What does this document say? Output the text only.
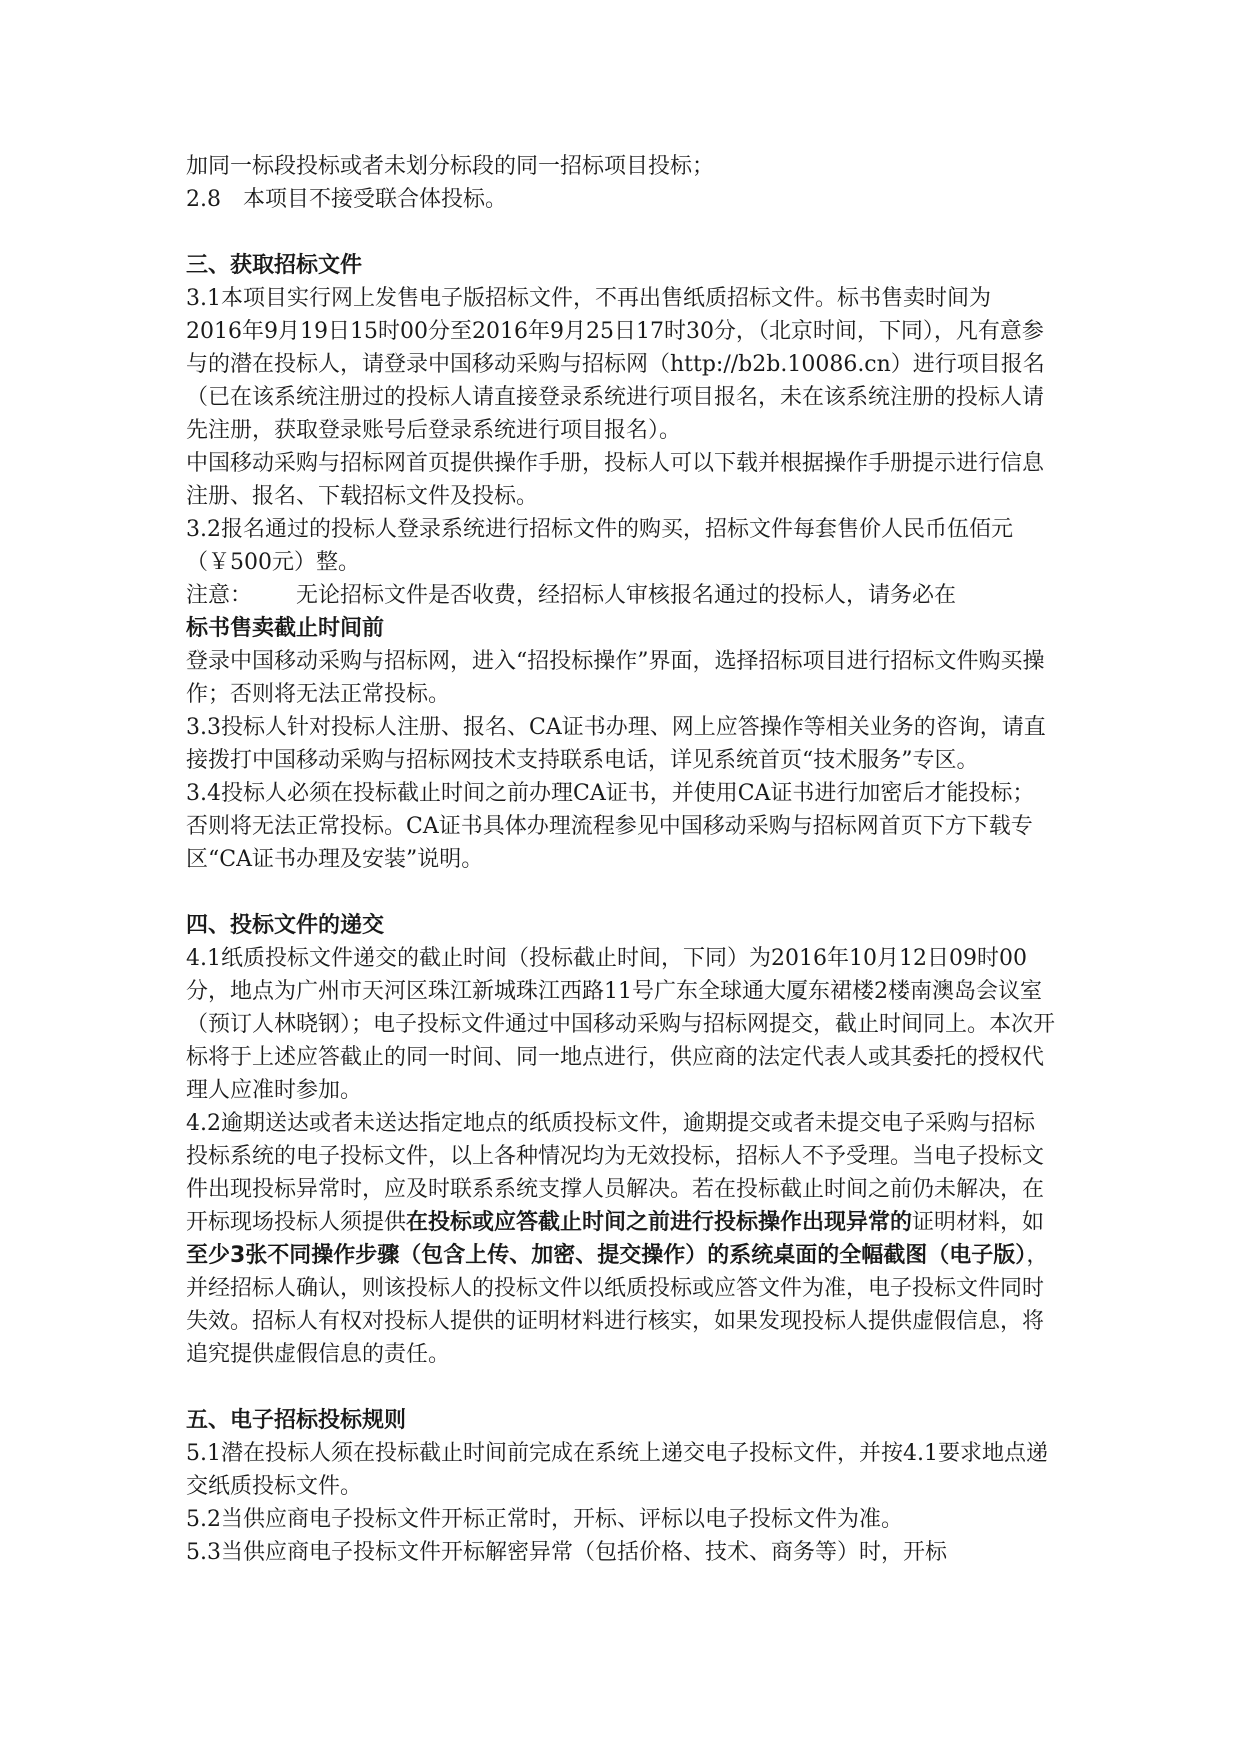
加同一标段投标或者未划分标段的同一招标项目投标；

2.8 本项目不接受联合体投标。

三、获取招标文件

3.1本项目实行网上发售电子版招标文件，不再出售纸质招标文件。标书售卖时间为

2016年9月19日15时00分至2016年9月25日17时30分，（北京时间，下同），凡有意参与的潜在投标人，请登录中国移动采购与招标网（http://b2b.10086.cn）进行项目报名（已在该系统注册过的投标人请直接登录系统进行项目报名，未在该系统注册的投标人请先注册，获取登录账号后登录系统进行项目报名）。

中国移动采购与招标网首页提供操作手册，投标人可以下载并根据操作手册提示进行信息注册、报名、下载招标文件及投标。

3.2报名通过的投标人登录系统进行招标文件的购买，招标文件每套售价人民币伍佰元（￥500元）整。

注意： 无论招标文件是否收费，经招标人审核报名通过的投标人，请务必在

标书售卖截止时间前

登录中国移动采购与招标网，进入“招投标操作”界面，选择招标项目进行招标文件购买操作；否则将无法正常投标。

3.3投标人针对投标人注册、报名、CA证书办理、网上应答操作等相关业务的咨询，请直接拨打中国移动采购与招标网技术支持联系电话，详见系统首页“技术服务”专区。

3.4投标人必须在投标截止时间之前办理CA证书，并使用CA证书进行加密后才能投标；否则将无法正常投标。CA证书具体办理流程参见中国移动采购与招标网首页下方下载专区“CA证书办理及安装”说明。

四、投标文件的递交

4.1纸质投标文件递交的截止时间（投标截止时间，下同）为2016年10月12日09时00分，地点为广州市天河区珠江新城珠江西路11号广东全球通大厦东裙楼2楼南澳岛会议室（预订人林晓钢）；电子投标文件通过中国移动采购与招标网提交，截止时间同上。本次开标将于上述应答截止的同一时间、同一地点进行，供应商的法定代表人或其委托的授权代理人应准时参加。

4.2逾期送达或者未送达指定地点的纸质投标文件，逾期提交或者未提交电子采购与招标投标系统的电子投标文件，以上各种情况均为无效投标，招标人不予受理。当电子投标文件出现投标异常时，应及时联系系统支撑人员解决。若在投标截止时间之前仍未解决，在开标现场投标人须提供在投标或应答截止时间之前进行投标操作出现异常的证明材料，如至少3张不同操作步骤（包含上传、加密、提交操作）的系统桌面的全幅截图（电子版），并经招标人确认，则该投标人的投标文件以纸质投标或应答文件为准，电子投标文件同时失效。招标人有权对投标人提供的证明材料进行核实，如果发现投标人提供虚假信息，将追究提供虚假信息的责任。

五、电子招标投标规则

5.1潜在投标人须在投标截止时间前完成在系统上递交电子投标文件，并按4.1要求地点递交纸质投标文件。

5.2当供应商电子投标文件开标正常时，开标、评标以电子投标文件为准。

5.3当供应商电子投标文件开标解密异常（包括价格、技术、商务等）时，开标
